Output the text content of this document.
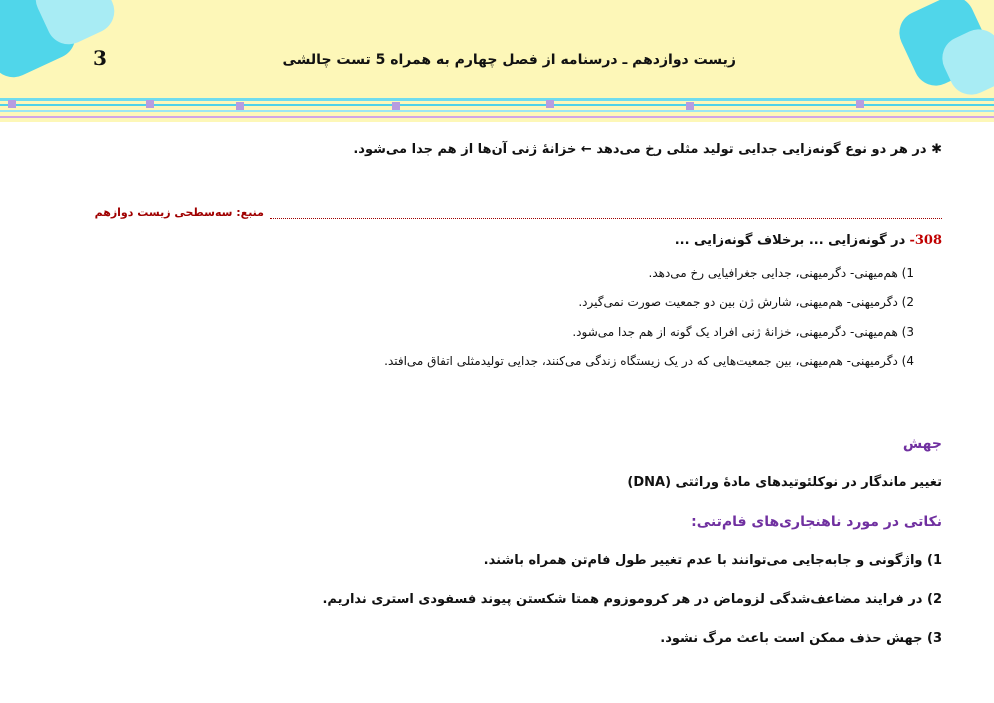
3	زیست دوازدهم ـ درسنامه از فصل چهارم به همراه 5 تست چالشی
✱ در هر دو نوع گونه‌زایی جدایی تولید مثلی رخ می‌دهد ← خزانهٔ ژنی آن‌ها از هم جدا می‌شود.
منبع: سه‌سطحی زیست دوازهم
308- در گونه‌زایی ... برخلاف گونه‌زایی ...
1) هم‌میهنی- دگرمیهنی، جدایی جغرافیایی رخ می‌دهد.
2) دگرمیهنی- هم‌میهنی، شارش ژن بین دو جمعیت صورت نمی‌گیرد.
3) هم‌میهنی- دگرمیهنی، خزانهٔ ژنی افراد یک گونه از هم جدا می‌شود.
4) دگرمیهنی- هم‌میهنی، بین جمعیت‌هایی که در یک زیستگاه زندگی می‌کنند، جدایی تولیدمثلی اتفاق می‌افتد.
جهش
تغییر ماندگار در نوکلئوتیدهای مادهٔ وراثتی (DNA)
نکاتی در مورد ناهنجاری‌های فام‌تنی:
1) واژگونی و جابه‌جایی می‌توانند با عدم تغییر طول فام‌تن همراه باشند.
2) در فرایند مضاعف‌شدگی لزوماض در هر کروموزوم همتا شکستن پیوند فسفودی استری نداریم.
3) جهش حذف ممکن است باعث مرگ نشود.
